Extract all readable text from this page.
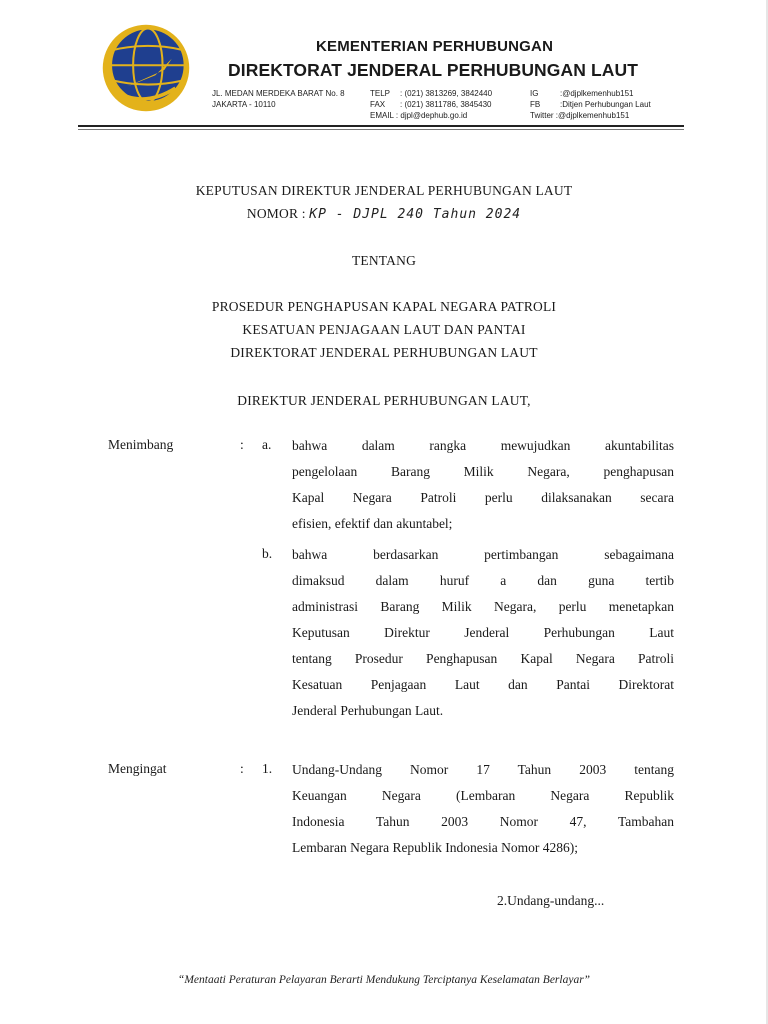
KEMENTERIAN PERHUBUNGAN
DIREKTORAT JENDERAL PERHUBUNGAN LAUT
JL. MEDAN MERDEKA BARAT No. 8
JAKARTA - 10110
TELP : (021) 3813269, 3842440
FAX : (021) 3811786, 3845430
EMAIL : djpl@dephub.go.id
IG	:@djplkemenhub151
FB :Ditjen Perhubungan Laut
Twitter :@djplkemenhub151
KEPUTUSAN DIREKTUR JENDERAL PERHUBUNGAN LAUT
NOMOR : KP - DJPL 240 Tahun 2024
TENTANG
PROSEDUR PENGHAPUSAN KAPAL NEGARA PATROLI
KESATUAN PENJAGAAN LAUT DAN PANTAI
DIREKTORAT JENDERAL PERHUBUNGAN LAUT
DIREKTUR JENDERAL PERHUBUNGAN LAUT,
Menimbang	: a. bahwa dalam rangka mewujudkan akuntabilitas
pengelolaan Barang Milik Negara, penghapusan
Kapal Negara Patroli perlu dilaksanakan secara
efisien, efektif dan akuntabel;
b. bahwa berdasarkan pertimbangan sebagaimana
dimaksud dalam huruf a dan guna tertib
administrasi Barang Milik Negara, perlu menetapkan
Keputusan Direktur Jenderal Perhubungan Laut
tentang Prosedur Penghapusan Kapal Negara Patroli
Kesatuan Penjagaan Laut dan Pantai Direktorat
Jenderal Perhubungan Laut.
Mengingat	: 1. Undang-Undang Nomor 17 Tahun 2003 tentang
Keuangan Negara (Lembaran Negara Republik
Indonesia Tahun 2003 Nomor 47, Tambahan
Lembaran Negara Republik Indonesia Nomor 4286);
2.Undang-undang...
“Mentaati Peraturan Pelayaran Berarti Mendukung Terciptanya Keselamatan Berlayar”
